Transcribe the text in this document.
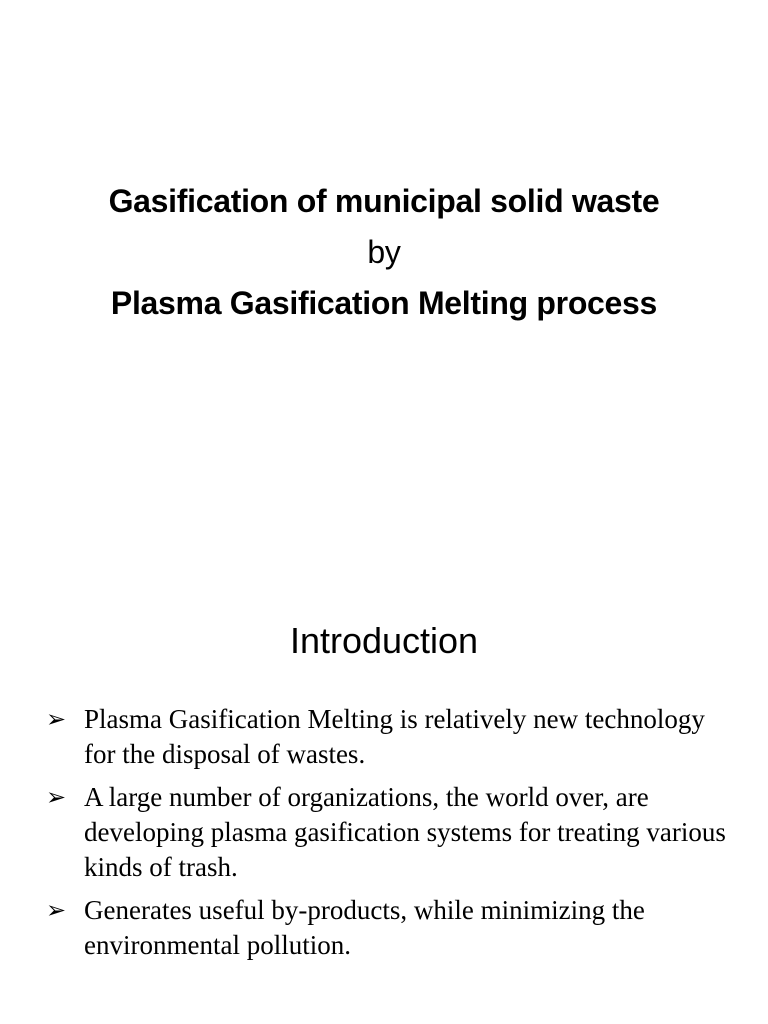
Gasification of municipal solid waste
by
Plasma Gasification Melting process
Introduction
➢ Plasma Gasification Melting is relatively new technology for the disposal of wastes.
➢ A large number of organizations, the world over, are developing plasma gasification systems for treating various kinds of trash.
➢ Generates useful by-products, while minimizing the environmental pollution.
